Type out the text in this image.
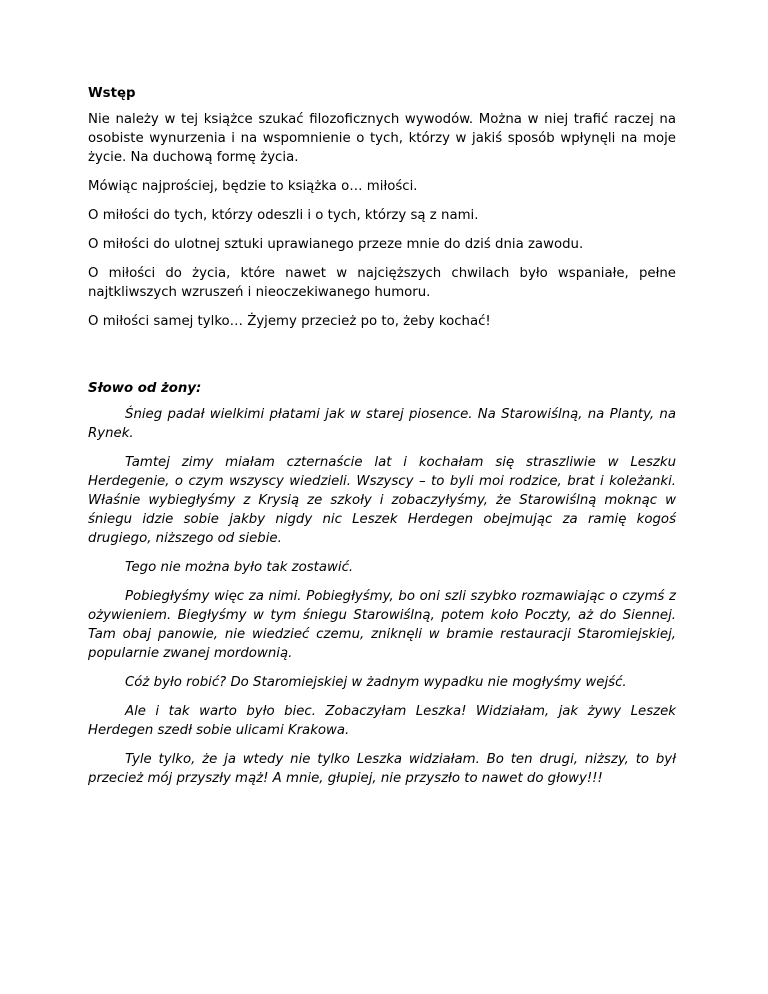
Wstęp

Nie należy w tej książce szukać filozoficznych wywodów. Można w niej trafić raczej na osobiste wynurzenia i na wspomnienie o tych, którzy w jakiś sposób wpłynęli na moje życie. Na duchową formę życia.

Mówiąc najprościej, będzie to książka o… miłości.

O miłości do tych, którzy odeszli i o tych, którzy są z nami.

O miłości do ulotnej sztuki uprawianego przeze mnie do dziś dnia zawodu.

O miłości do życia, które nawet w najcięższych chwilach było wspaniałe, pełne najtkliwszych wzruszeń i nieoczekiwanego humoru.

O miłości samej tylko… Żyjemy przecież po to, żeby kochać!

Słowo od żony:

Śnieg padał wielkimi płatami jak w starej piosence. Na Starowiślną, na Planty, na Rynek.

Tamtej zimy miałam czternaście lat i kochałam się straszliwie w Leszku Herdegenie, o czym wszyscy wiedzieli. Wszyscy – to byli moi rodzice, brat i koleżanki. Właśnie wybiegłyśmy z Krysią ze szkoły i zobaczyłyśmy, że Starowiślną moknąc w śniegu idzie sobie jakby nigdy nic Leszek Herdegen obejmując za ramię kogoś drugiego, niższego od siebie.

Tego nie można było tak zostawić.

Pobiegłyśmy więc za nimi. Pobiegłyśmy, bo oni szli szybko rozmawiając o czymś z ożywieniem. Biegłyśmy w tym śniegu Starowiślną, potem koło Poczty, aż do Siennej. Tam obaj panowie, nie wiedzieć czemu, zniknęli w bramie restauracji Staromiejskiej, popularnie zwanej mordownią.

Cóż było robić? Do Staromiejskiej w żadnym wypadku nie mogłyśmy wejść.

Ale i tak warto było biec. Zobaczyłam Leszka! Widziałam, jak żywy Leszek Herdegen szedł sobie ulicami Krakowa.

Tyle tylko, że ja wtedy nie tylko Leszka widziałam. Bo ten drugi, niższy, to był przecież mój przyszły mąż! A mnie, głupiej, nie przyszło to nawet do głowy!!!
